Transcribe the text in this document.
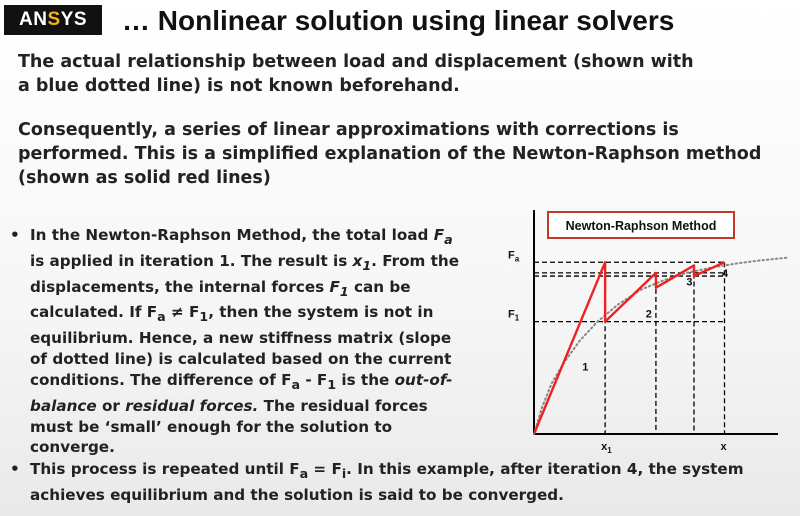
ANSYS	… Nonlinear solution using linear solvers
The actual relationship between load and displacement (shown with a blue dotted line) is not known beforehand.
Consequently, a series of linear approximations with corrections is performed. This is a simplified explanation of the Newton-Raphson method (shown as solid red lines)
• In the Newton-Raphson Method, the total load $F_a$ is applied in iteration 1. The result is $x_1$. From the displacements, the internal forces $F_1$ can be calculated. If $F_a \ne F_1$, then the system is not in equilibrium. Hence, a new stiffness matrix (slope of dotted line) is calculated based on the current conditions. The difference of $F_a - F_1$ is the out-of-balance or residual forces. The residual forces must be ‘small’ enough for the solution to converge.
• This process is repeated until $F_a = F_i$. In this example, after iteration 4, the system achieves equilibrium and the solution is said to be converged.
Newton-Raphson Method
1
2
3
4
$F_a$
$F_1$
$x_1$	x
